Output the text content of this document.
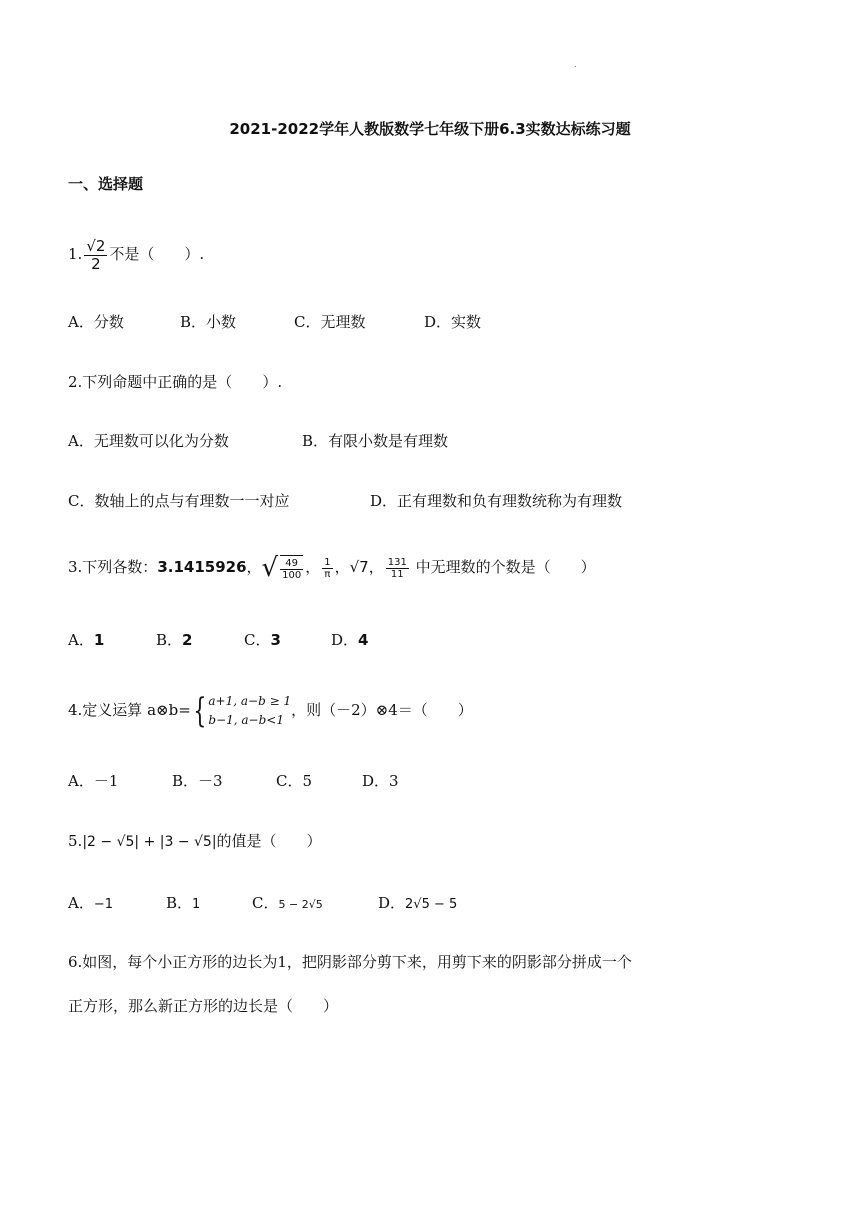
.
2021-2022学年人教版数学七年级下册6.3实数达标练习题
一、选择题
1. $\frac{√2}{2}$ 不是（　　）.
A．分数	B．小数	C．无理数	D．实数
2.下列命题中正确的是（　　）.
A．无理数可以化为分数	B．有限小数是有理数
C．数轴上的点与有理数一一对应	D．正有理数和负有理数统称为有理数
3.下列各数：3.1415926，√ $\frac{49}{100}$ ， $\frac{1}{\pi}$ ，√7， $\frac{131}{11}$ 中无理数的个数是（　　）
A．1	B．2	C．3	D．4
4.定义运算 a⊗b={ a+1, a−b ≥ 1
b−1, a−b<1
，则（－2）⊗4＝（　　）
A．－1	B．－3	C．5	D．3
5.|2 − √5| + |3 − √5|的值是（　　）
A．−1	B．1	C．5 − 2√5	D．2√5 − 5
6.如图，每个小正方形的边长为1，把阴影部分剪下来，用剪下来的阴影部分拼成一个
正方形，那么新正方形的边长是（　　）
